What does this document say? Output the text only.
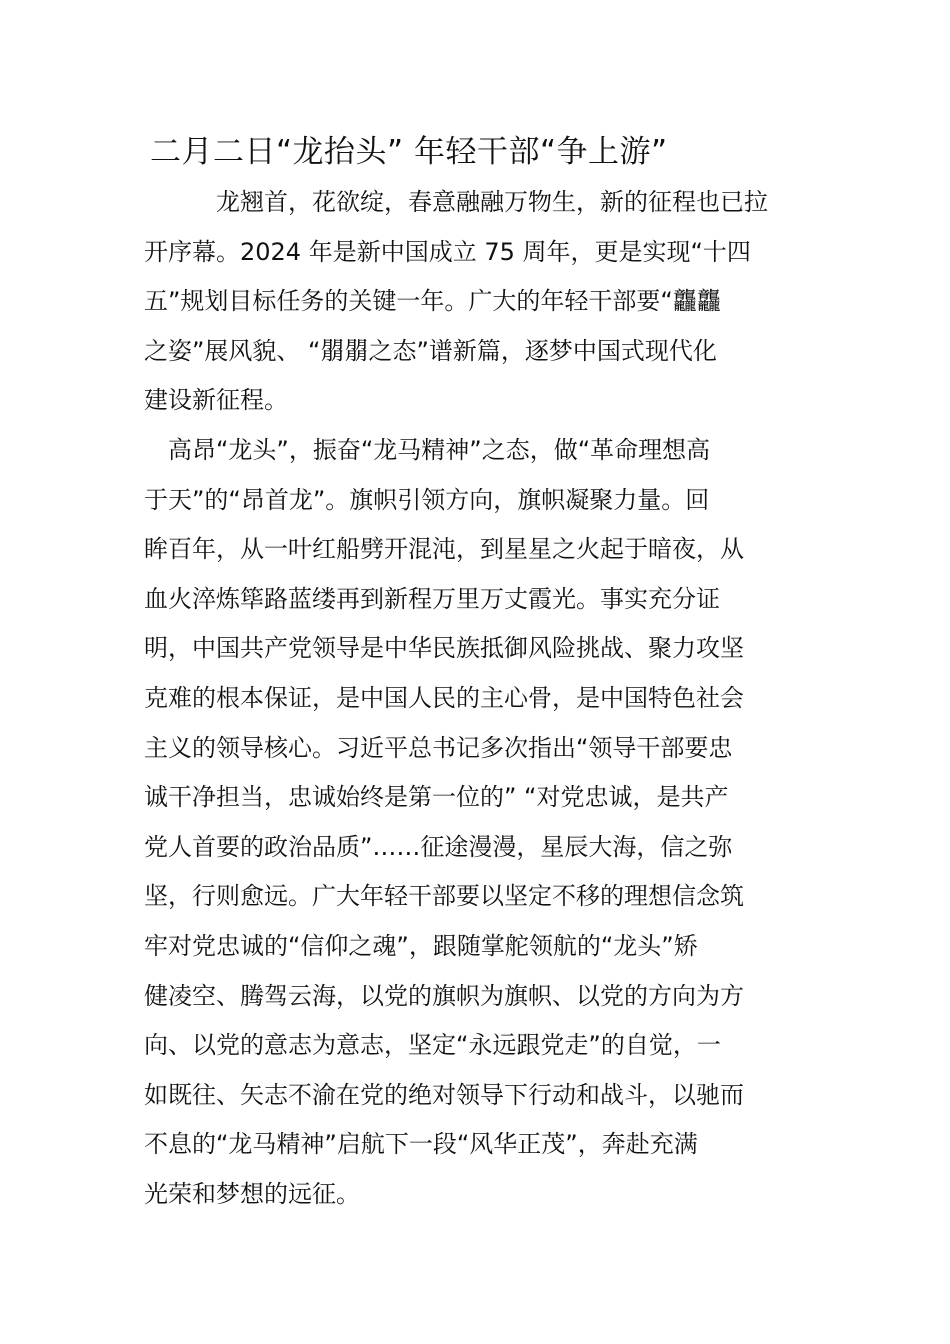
二月二日“龙抬头” 年轻干部“争上游”
　　　龙翘首，花欲绽，春意融融万物生，新的征程也已拉
开序幕。2024 年是新中国成立 75 周年，更是实现“十四
五”规划目标任务的关键一年。广大的年轻干部要“龘龘
之姿”展风貌、 “朤朤之态”谱新篇，逐梦中国式现代化
建设新征程。
　高昂“龙头”，振奋“龙马精神”之态，做“革命理想高
于天”的“昂首龙”。旗帜引领方向，旗帜凝聚力量。回
眸百年，从一叶红船劈开混沌，到星星之火起于暗夜，从
血火淬炼筚路蓝缕再到新程万里万丈霞光。事实充分证
明，中国共产党领导是中华民族抵御风险挑战、聚力攻坚
克难的根本保证，是中国人民的主心骨，是中国特色社会
主义的领导核心。习近平总书记多次指出“领导干部要忠
诚干净担当，忠诚始终是第一位的” “对党忠诚，是共产
党人首要的政治品质”……征途漫漫，星辰大海，信之弥
坚，行则愈远。广大年轻干部要以坚定不移的理想信念筑
牢对党忠诚的“信仰之魂”，跟随掌舵领航的“龙头”矫
健凌空、腾驾云海，以党的旗帜为旗帜、以党的方向为方
向、以党的意志为意志，坚定“永远跟党走”的自觉，一
如既往、矢志不渝在党的绝对领导下行动和战斗，以驰而
不息的“龙马精神”启航下一段“风华正茂”，奔赴充满
光荣和梦想的远征。
